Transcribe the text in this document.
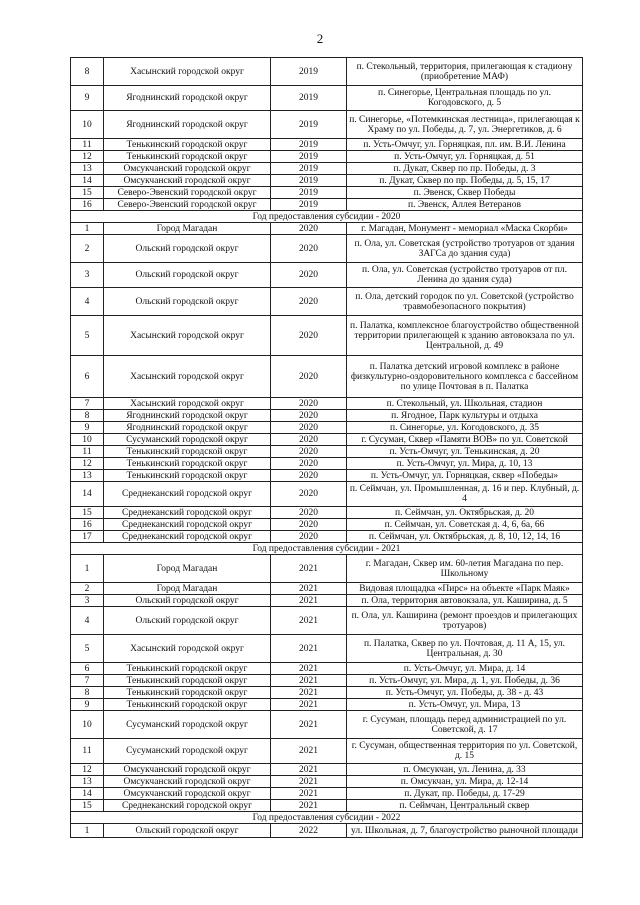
2
8	Хасынский городской округ	2019	п. Стекольный, территория, прилегающая к стадиону (приобретение МАФ)
9	Ягоднинский городской округ	2019	п. Синегорье, Центральная площадь по ул. Когодовского, д. 5
10	Ягоднинский городской округ	2019	п. Синегорье, «Потемкинская лестница», прилегающая к Храму по ул. Победы, д. 7, ул. Энергетиков, д. 6
11	Тенькинский городской округ	2019	п. Усть-Омчуг, ул. Горняцкая, пл. им. В.И. Ленина
12	Тенькинский городской округ	2019	п. Усть-Омчуг, ул. Горняцкая, д. 51
13	Омсукчанский городской округ	2019	п. Дукат, Сквер по пр. Победы, д. 3
14	Омсукчанский городской округ	2019	п. Дукат, Сквер по пр. Победы, д. 5, 15, 17
15	Северо-Эвенский городской округ	2019	п. Эвенск, Сквер Победы
16	Северо-Эвенский городской округ	2019	п. Эвенск, Аллея Ветеранов
Год предоставления субсидии - 2020			
1	Город Магадан	2020	г. Магадан, Монумент - мемориал «Маска Скорби»
2	Ольский городской округ	2020	п. Ола, ул. Советская (устройство тротуаров от здания ЗАГСа до здания суда)
3	Ольский городской округ	2020	п. Ола, ул. Советская (устройство тротуаров от пл. Ленина до здания суда)
4	Ольский городской округ	2020	п. Ола, детский городок по ул. Советской (устройство травмобезопасного покрытия)
5	Хасынский городской округ	2020	п. Палатка, комплексное благоустройство общественной территории прилегающей к зданию автовокзала по ул. Центральной, д. 49
6	Хасынский городской округ	2020	п. Палатка детский игровой комплекс в районе физкультурно-оздоровительного комплекса с бассейном по улице Почтовая в п. Палатка
7	Хасынский городской округ	2020	п. Стекольный, ул. Школьная, стадион
8	Ягоднинский городской округ	2020	п. Ягодное, Парк культуры и отдыха
9	Ягоднинский городской округ	2020	п. Синегорье, ул. Когодовского, д. 35
10	Сусуманский городской округ	2020	г. Сусуман, Сквер «Памяти ВОВ» по ул. Советской
11	Тенькинский городской округ	2020	п. Усть-Омчуг, ул. Тенькинская, д. 20
12	Тенькинский городской округ	2020	п. Усть-Омчуг, ул. Мира, д. 10, 13
13	Тенькинский городской округ	2020	п. Усть-Омчуг, ул. Горняцкая, сквер «Победы»
14	Среднеканский городской округ	2020	п. Сеймчан, ул. Промышленная, д. 16 и пер. Клубный, д. 4
15	Среднеканский городской округ	2020	п. Сеймчан, ул. Октябрьская, д. 20
16	Среднеканский городской округ	2020	п. Сеймчан, ул. Советская д. 4, 6, 6а, 66
17	Среднеканский городской округ	2020	п. Сеймчан, ул. Октябрьская, д. 8, 10, 12, 14, 16
Год предоставления субсидии - 2021			
1	Город Магадан	2021	г. Магадан, Сквер им. 60-летия Магадана по пер. Школьному
2	Город Магадан	2021	Видовая площадка «Пирс» на объекте «Парк Маяк»
3	Ольский городской округ	2021	п. Ола, территория автовокзала, ул. Каширина, д. 5
4	Ольский городской округ	2021	п. Ола, ул. Каширина (ремонт проездов и прилегающих тротуаров)
5	Хасынский городской округ	2021	п. Палатка, Сквер по ул. Почтовая, д. 11 А, 15, ул. Центральная, д. 30
6	Тенькинский городской округ	2021	п. Усть-Омчуг, ул. Мира, д. 14
7	Тенькинский городской округ	2021	п. Усть-Омчуг, ул. Мира, д. 1, ул. Победы, д. 36
8	Тенькинский городской округ	2021	п. Усть-Омчуг, ул. Победы, д. 38 - д. 43
9	Тенькинский городской округ	2021	п. Усть-Омчуг, ул. Мира, 13
10	Сусуманский городской округ	2021	г. Сусуман, площадь перед администрацией по ул. Советской, д. 17
11	Сусуманский городской округ	2021	г. Сусуман, общественная территория по ул. Советской, д. 15
12	Омсукчанский городской округ	2021	п. Омсукчан, ул. Ленина, д. 33
13	Омсукчанский городской округ	2021	п. Омсукчан, ул. Мира, д. 12-14
14	Омсукчанский городской округ	2021	п. Дукат, пр. Победы, д. 17-29
15	Среднеканский городской округ	2021	п. Сеймчан, Центральный сквер
Год предоставления субсидии - 2022			
1	Ольский городской округ	2022	ул. Школьная, д. 7, благоустройство рыночной площади
